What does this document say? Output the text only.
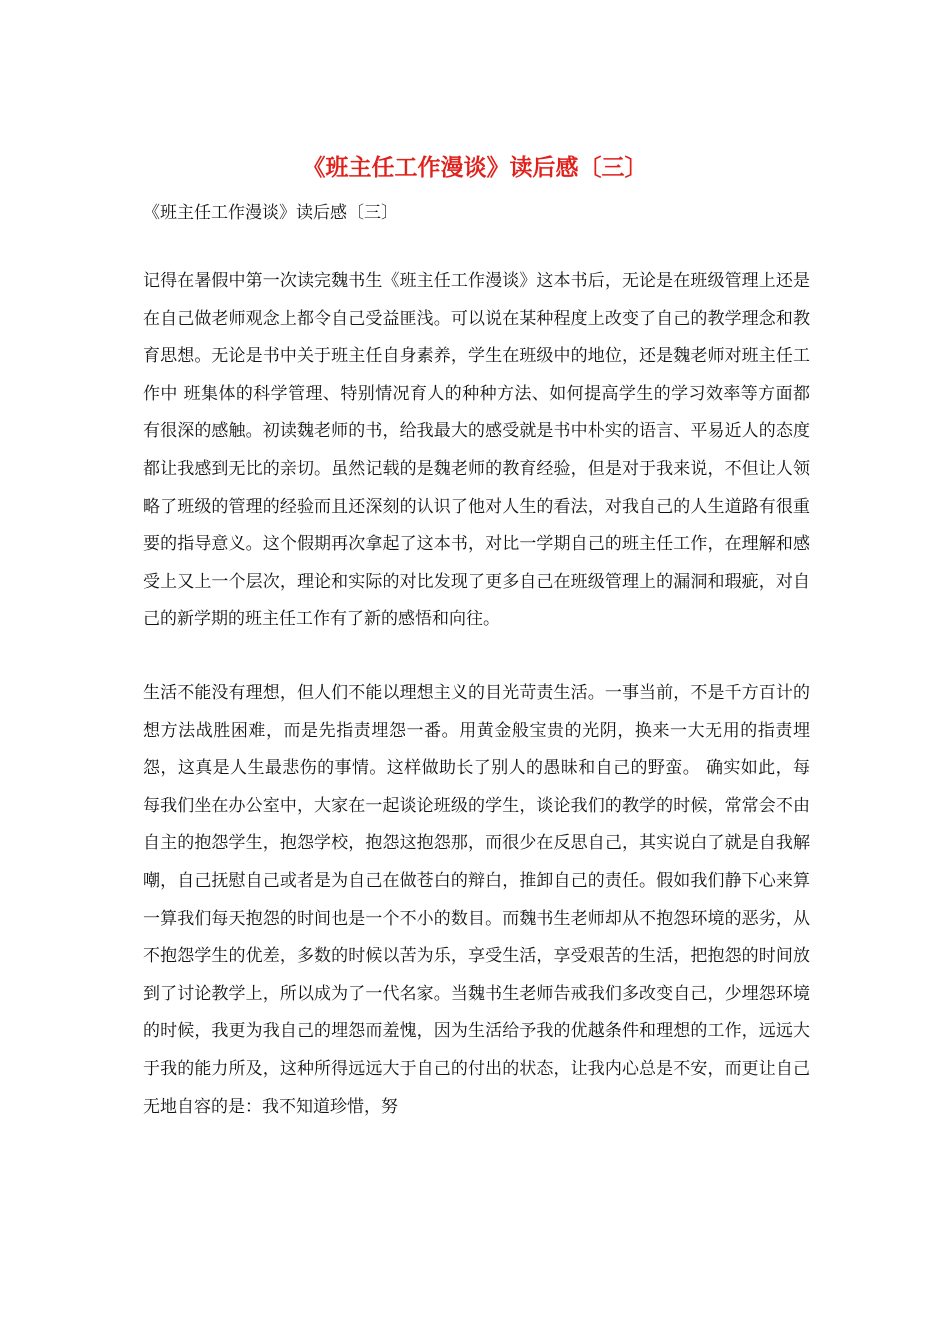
《班主任工作漫谈》读后感〔三〕

《班主任工作漫谈》读后感〔三〕

记得在暑假中第一次读完魏书生《班主任工作漫谈》这本书后，无论是在班级管理上还是在自己做老师观念上都令自己受益匪浅。可以说在某种程度上改变了自己的教学理念和教育思想。无论是书中关于班主任自身素养，学生在班级中的地位，还是魏老师对班主任工作中 班集体的科学管理、特别情况育人的种种方法、如何提高学生的学习效率等方面都有很深的感触。初读魏老师的书，给我最大的感受就是书中朴实的语言、平易近人的态度都让我感到无比的亲切。虽然记载的是魏老师的教育经验，但是对于我来说，不但让人领略了班级的管理的经验而且还深刻的认识了他对人生的看法，对我自己的人生道路有很重要的指导意义。这个假期再次拿起了这本书，对比一学期自己的班主任工作，在理解和感受上又上一个层次，理论和实际的对比发现了更多自己在班级管理上的漏洞和瑕疵，对自己的新学期的班主任工作有了新的感悟和向往。

生活不能没有理想，但人们不能以理想主义的目光苛责生活。一事当前，不是千方百计的想方法战胜困难，而是先指责埋怨一番。用黄金般宝贵的光阴，换来一大无用的指责埋怨，这真是人生最悲伤的事情。这样做助长了别人的愚昧和自己的野蛮。 确实如此，每每我们坐在办公室中，大家在一起谈论班级的学生，谈论我们的教学的时候，常常会不由自主的抱怨学生，抱怨学校，抱怨这抱怨那，而很少在反思自己，其实说白了就是自我解嘲，自己抚慰自己或者是为自己在做苍白的辩白，推卸自己的责任。假如我们静下心来算一算我们每天抱怨的时间也是一个不小的数目。而魏书生老师却从不抱怨环境的恶劣，从不抱怨学生的优差，多数的时候以苦为乐，享受生活，享受艰苦的生活，把抱怨的时间放到了讨论教学上，所以成为了一代名家。当魏书生老师告戒我们多改变自己，少埋怨环境的时候，我更为我自己的埋怨而羞愧，因为生活给予我的优越条件和理想的工作，远远大于我的能力所及，这种所得远远大于自己的付出的状态，让我内心总是不安，而更让自己无地自容的是：我不知道珍惜，努
